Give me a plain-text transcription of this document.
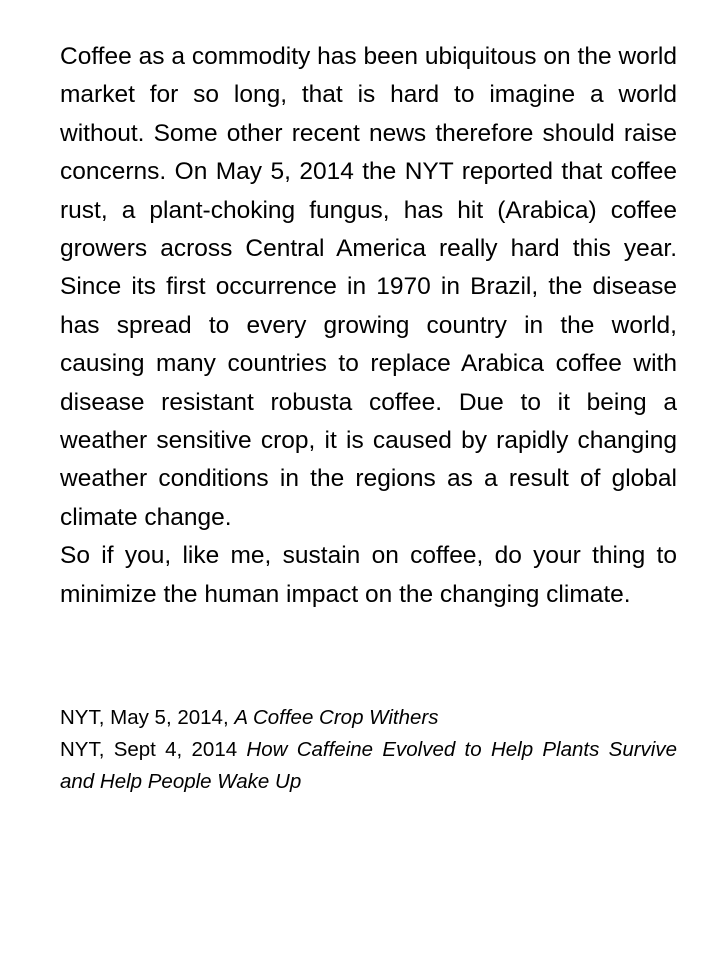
Coffee as a commodity has been ubiquitous on the world market for so long, that is hard to imagine a world without. Some other recent news therefore should raise concerns. On May 5, 2014 the NYT reported that coffee rust, a plant-choking fungus, has hit (Arabica) coffee growers across Central America really hard this year. Since its first occurrence in 1970 in Brazil, the disease has spread to every growing country in the world, causing many countries to replace Arabica coffee with disease resistant robusta coffee. Due to it being a weather sensitive crop, it is caused by rapidly changing weather conditions in the regions as a result of global climate change.

So if you, like me, sustain on coffee, do your thing to minimize the human impact on the changing climate.

NYT, May 5, 2014, A Coffee Crop Withers

NYT, Sept 4, 2014 How Caffeine Evolved to Help Plants Survive and Help People Wake Up
